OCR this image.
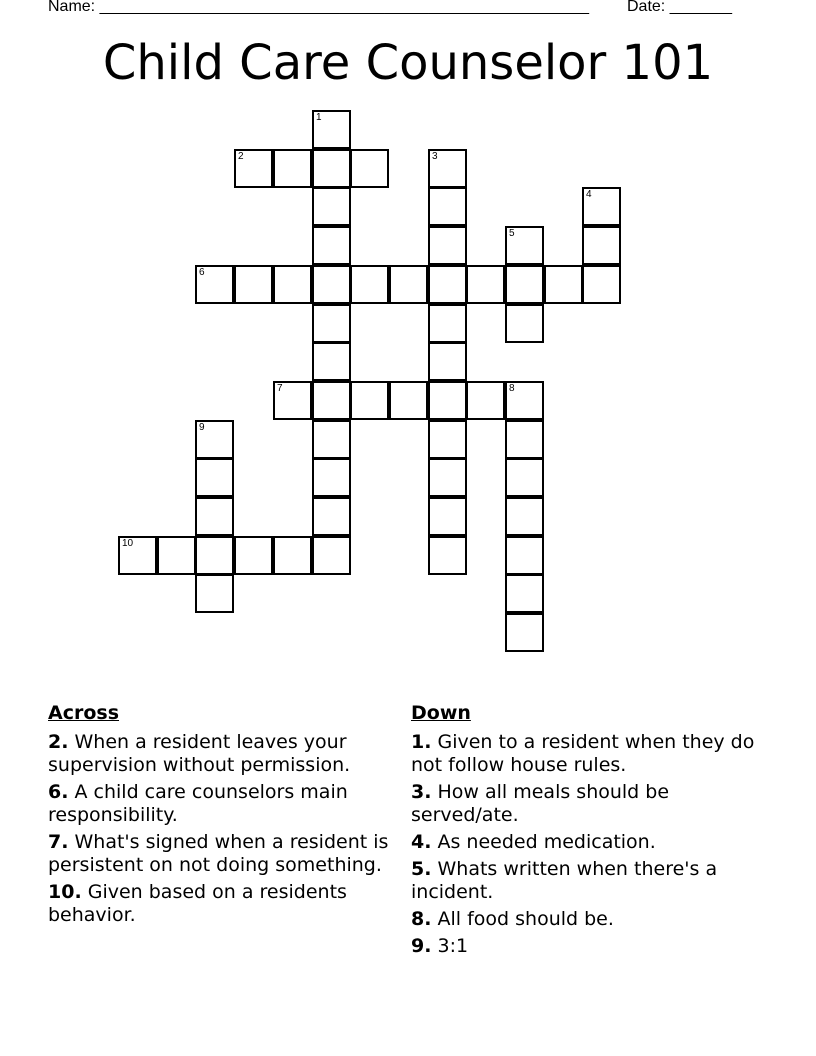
Name: _______________________________________________________ Date: _______
Child Care Counselor 101
2
6
7	8
10
1
3
4
5
9
Across
2. When a resident leaves your supervision without permission.
6. A child care counselors main responsibility.
7. What's signed when a resident is persistent on not doing something.
10. Given based on a residents behavior.
Down
1. Given to a resident when they do not follow house rules.
3. How all meals should be served/ate.
4. As needed medication.
5. Whats written when there's a incident.
8. All food should be.
9. 3:1
